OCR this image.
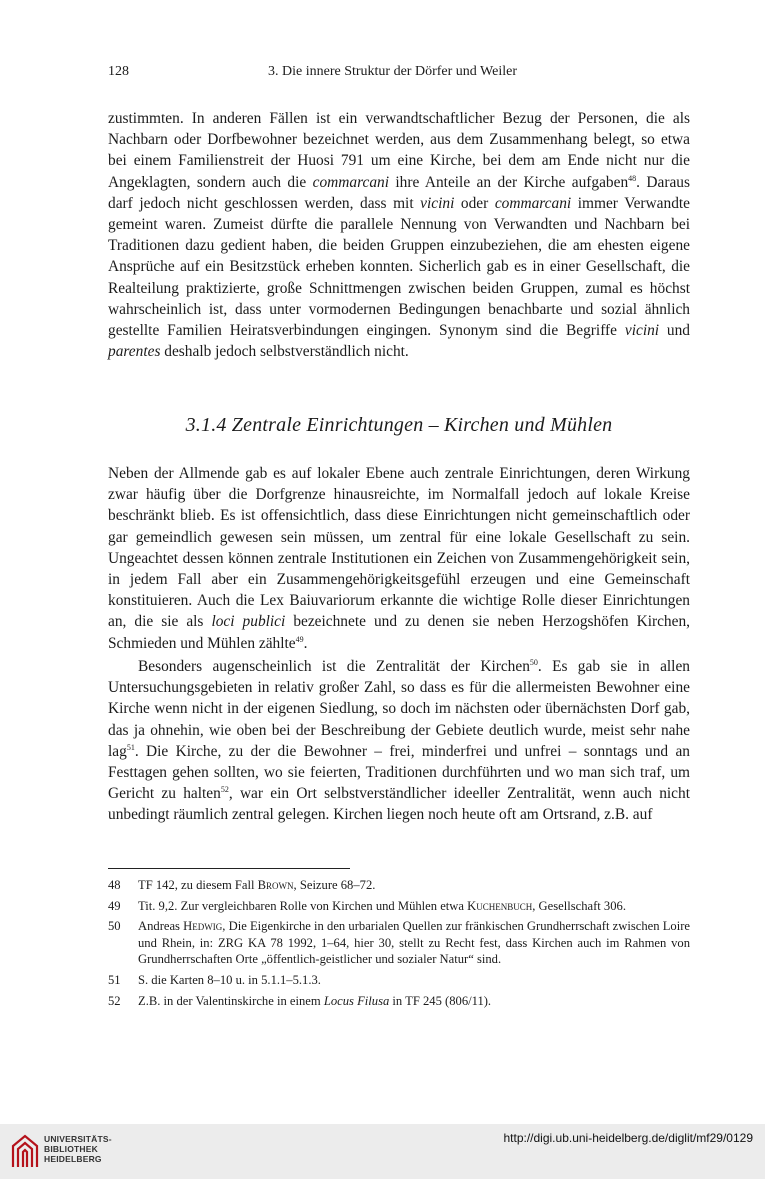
128	3. Die innere Struktur der Dörfer und Weiler

zustimmten. In anderen Fällen ist ein verwandtschaftlicher Bezug der Personen, die als Nachbarn oder Dorfbewohner bezeichnet werden, aus dem Zusammenhang belegt, so etwa bei einem Familienstreit der Huosi 791 um eine Kirche, bei dem am Ende nicht nur die Angeklagten, sondern auch die commarcani ihre Anteile an der Kirche aufgaben$^{48}$. Daraus darf jedoch nicht geschlossen werden, dass mit vicini oder commarcani immer Verwandte gemeint waren. Zumeist dürfte die parallele Nennung von Verwandten und Nachbarn bei Traditionen dazu gedient haben, die beiden Gruppen einzubeziehen, die am ehesten eigene Ansprüche auf ein Besitzstück erheben konnten. Sicherlich gab es in einer Gesellschaft, die Realteilung praktizierte, große Schnittmengen zwischen beiden Gruppen, zumal es höchst wahrscheinlich ist, dass unter vormodernen Bedingungen benachbarte und sozial ähnlich gestellte Familien Heiratsverbindungen eingingen. Synonym sind die Begriffe vicini und parentes deshalb jedoch selbstverständlich nicht.

3.1.4 Zentrale Einrichtungen – Kirchen und Mühlen

Neben der Allmende gab es auf lokaler Ebene auch zentrale Einrichtungen, deren Wirkung zwar häufig über die Dorfgrenze hinausreichte, im Normalfall jedoch auf lokale Kreise beschränkt blieb. Es ist offensichtlich, dass diese Einrichtungen nicht gemeinschaftlich oder gar gemeindlich gewesen sein müssen, um zentral für eine lokale Gesellschaft zu sein. Ungeachtet dessen können zentrale Institutionen ein Zeichen von Zusammengehörigkeit sein, in jedem Fall aber ein Zusammengehörigkeitsgefühl erzeugen und eine Gemeinschaft konstituieren. Auch die Lex Baiuvariorum erkannte die wichtige Rolle dieser Einrichtungen an, die sie als loci publici bezeichnete und zu denen sie neben Herzogshöfen Kirchen, Schmieden und Mühlen zählte$^{49}$.

Besonders augenscheinlich ist die Zentralität der Kirchen$^{50}$. Es gab sie in allen Untersuchungsgebieten in relativ großer Zahl, so dass es für die allermeisten Bewohner eine Kirche wenn nicht in der eigenen Siedlung, so doch im nächsten oder übernächsten Dorf gab, das ja ohnehin, wie oben bei der Beschreibung der Gebiete deutlich wurde, meist sehr nahe lag$^{51}$. Die Kirche, zu der die Bewohner – frei, minderfrei und unfrei – sonntags und an Festtagen gehen sollten, wo sie feierten, Traditionen durchführten und wo man sich traf, um Gericht zu halten$^{52}$, war ein Ort selbstverständlicher ideeller Zentralität, wenn auch nicht unbedingt räumlich zentral gelegen. Kirchen liegen noch heute oft am Ortsrand, z.B. auf

48 TF 142, zu diesem Fall Brown, Seizure 68–72.
49 Tit. 9,2. Zur vergleichbaren Rolle von Kirchen und Mühlen etwa Kuchenbuch, Gesellschaft 306.
50 Andreas Hedwig, Die Eigenkirche in den urbarialen Quellen zur fränkischen Grundherrschaft zwischen Loire und Rhein, in: ZRG KA 78 1992, 1–64, hier 30, stellt zu Recht fest, dass Kirchen auch im Rahmen von Grundherrschaften Orte „öffentlich-geistlicher und sozialer Natur“ sind.
51 S. die Karten 8–10 u. in 5.1.1–5.1.3.
52 Z.B. in der Valentinskirche in einem Locus Filusa in TF 245 (806/11).
UNIVERSITÄTS-
BIBLIOTHEK
HEIDELBERG
http://digi.ub.uni-heidelberg.de/diglit/mf29/0129
